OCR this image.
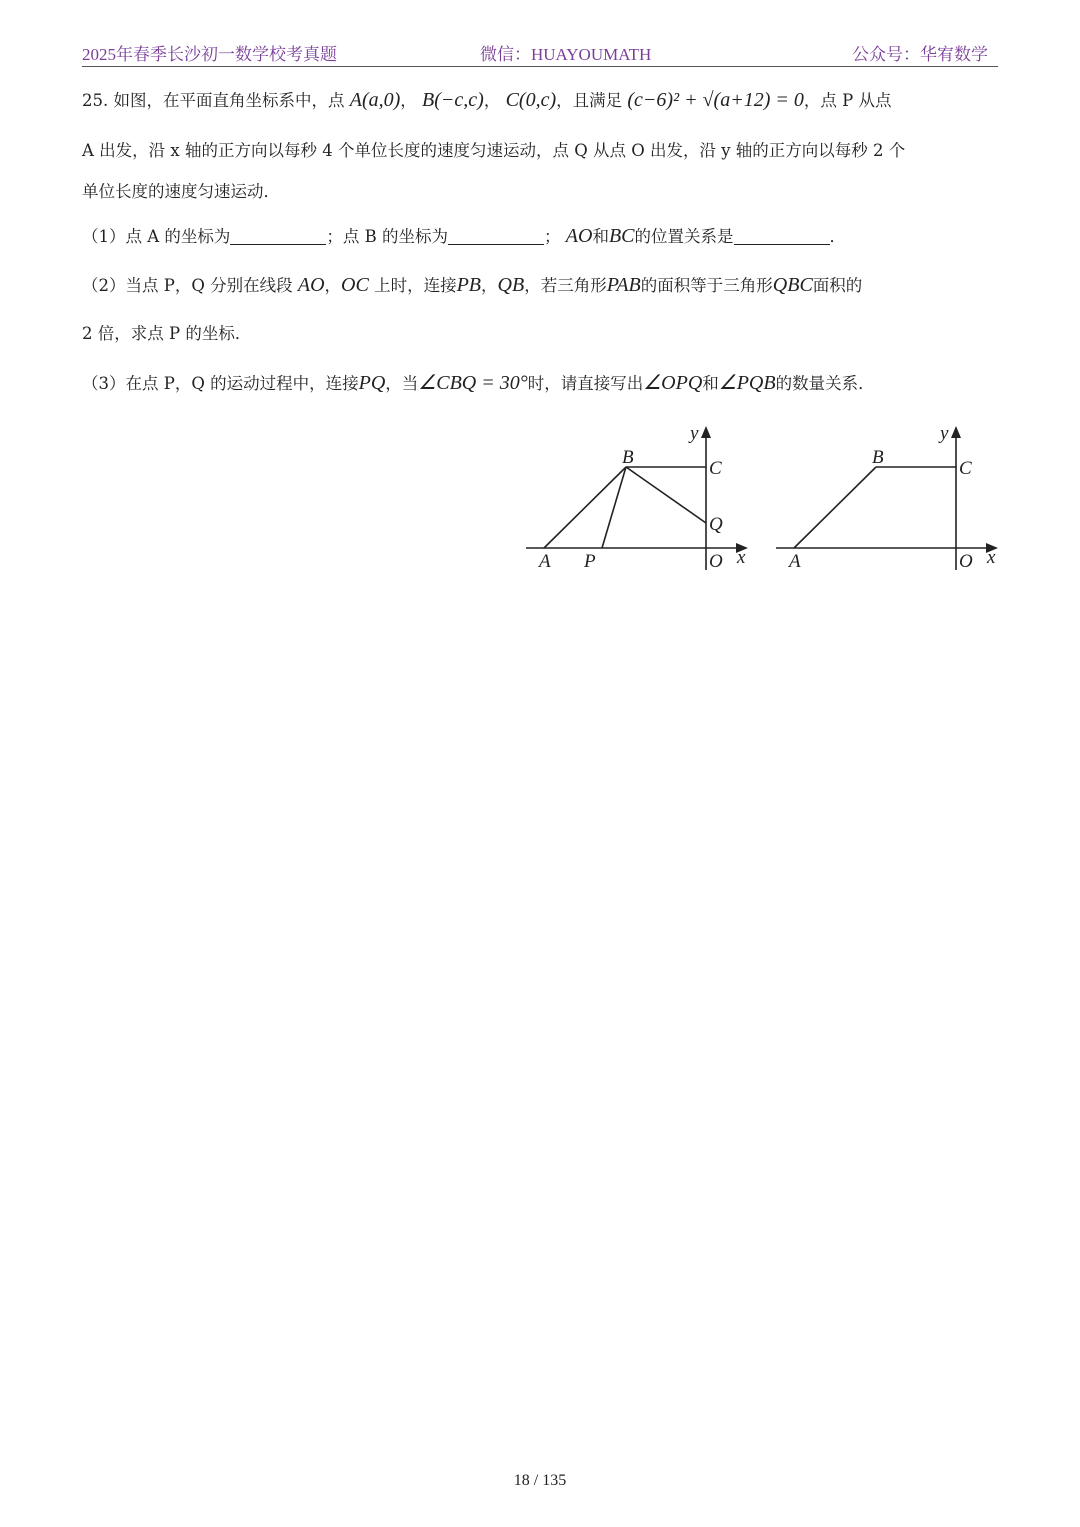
2025年春季长沙初一数学校考真题	微信：HUAYOUMATH	公众号：华宥数学
25. 如图，在平面直角坐标系中，点 A(a,0)， B(−c,c)， C(0,c)，且满足 (c−6)² + √(a+12) = 0，点 P 从点
A 出发，沿 x 轴的正方向以每秒 4 个单位长度的速度匀速运动，点 Q 从点 O 出发，沿 y 轴的正方向以每秒 2 个
单位长度的速度匀速运动．
（1）点 A 的坐标为	；点 B 的坐标为	； AO和BC的位置关系是	．
（2）当点 P，Q 分别在线段 AO，OC 上时，连接PB，QB，若三角形PAB的面积等于三角形QBC面积的
2 倍，求点 P 的坐标．
（3）在点 P，Q 的运动过程中，连接PQ，当∠CBQ = 30°时，请直接写出∠OPQ和∠PQB的数量关系．
y
x
B
C
Q
A P	O
y
x
B
C
A	O
18 / 135
